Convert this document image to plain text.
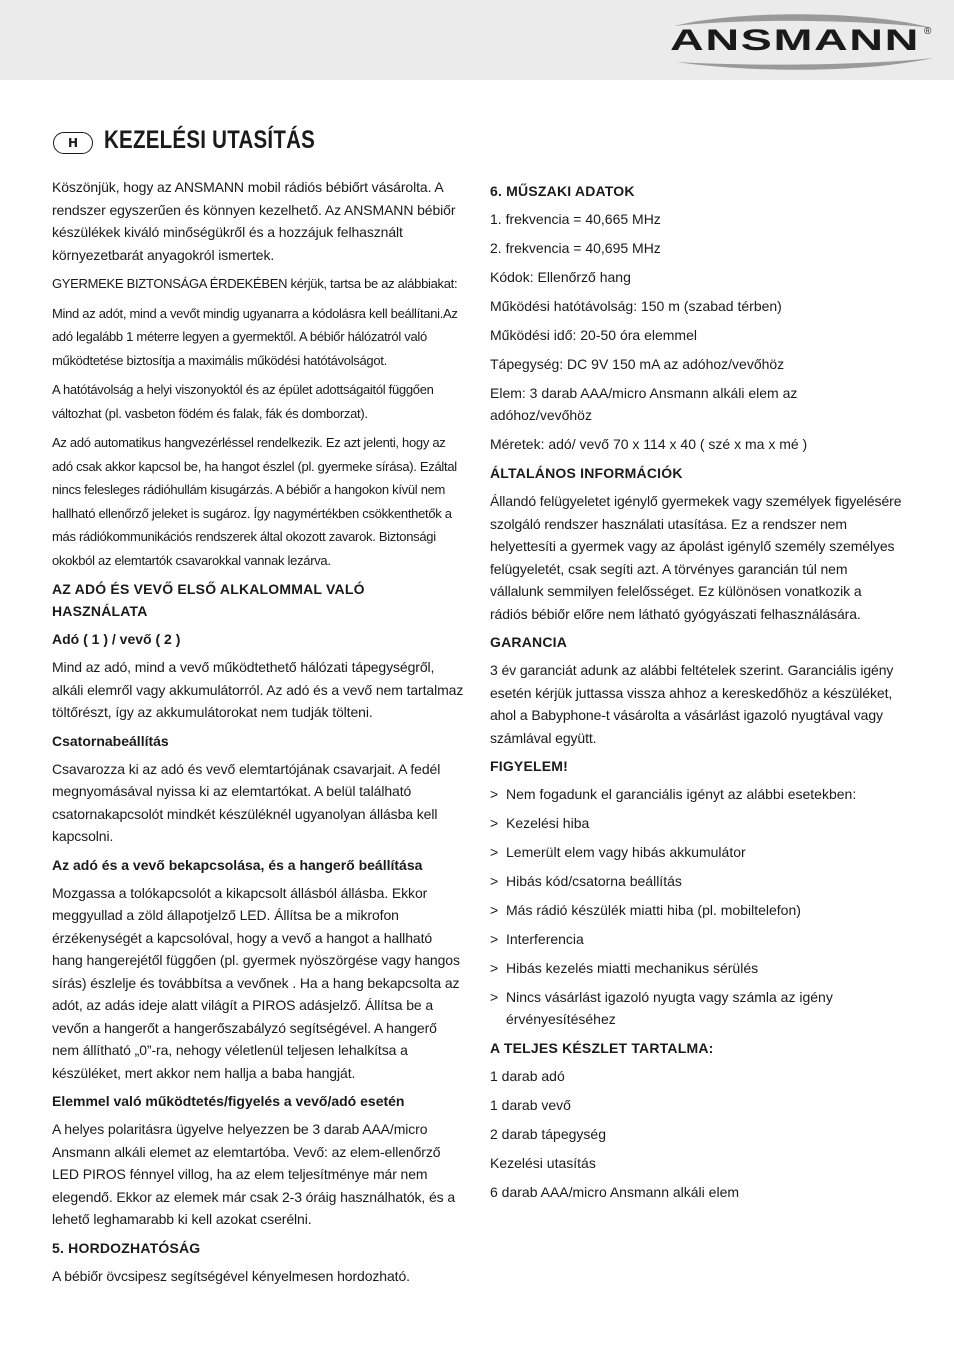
ANSMANN ®
H	KEZELÉSI UTASÍTÁS

Köszönjük, hogy az ANSMANN mobil rádiós bébiőrt vásárolta. A rendszer egyszerűen és könnyen kezelhető. Az ANSMANN bébiőr készülékek kiváló minőségükről és a hozzájuk felhasznált környezetbarát anyagokról ismertek.

GYERMEKE BIZTONSÁGA ÉRDEKÉBEN kérjük, tartsa be az alábbiakat:

Mind az adót, mind a vevőt mindig ugyanarra a kódolásra kell beállítani.Az adó legalább 1 méterre legyen a gyermektől. A bébiőr hálózatról való működtetése biztosítja a maximális működési hatótávolságot.

A hatótávolság a helyi viszonyoktól és az épület adottságaitól függően változhat (pl. vasbeton födém és falak, fák és domborzat).

Az adó automatikus hangvezérléssel rendelkezik. Ez azt jelenti, hogy az adó csak akkor kapcsol be, ha hangot észlel (pl. gyermeke sírása). Ezáltal nincs felesleges rádióhullám kisugárzás. A bébiőr a hangokon kívül nem hallható ellenőrző jeleket is sugároz. Így nagymértékben csökkenthetők a más rádiókommunikációs rendszerek által okozott zavarok. Biztonsági okokból az elemtartók csavarokkal vannak lezárva.

AZ ADÓ ÉS VEVŐ ELSŐ ALKALOMMAL VALÓ HASZNÁLATA
Adó ( 1 ) / vevő ( 2 )

Mind az adó, mind a vevő működtethető hálózati tápegységről, alkáli elemről vagy akkumulátorról. Az adó és a vevő nem tartalmaz töltőrészt, így az akkumulátorokat nem tudják tölteni.

Csatornabeállítás

Csavarozza ki az adó és vevő elemtartójának csavarjait. A fedél megnyomásával nyissa ki az elemtartókat. A belül található csatornakapcsolót mindkét készüléknél ugyanolyan állásba kell kapcsolni.

Az adó és a vevő bekapcsolása, és a hangerő beállítása

Mozgassa a tolókapcsolót a kikapcsolt állásból állásba. Ekkor meggyullad a zöld állapotjelző LED. Állítsa be a mikrofon érzékenységét a kapcsolóval, hogy a vevő a hangot a hallható hang hangerejétől függően (pl. gyermek nyöszörgése vagy hangos sírás) észlelje és továbbítsa a vevőnek . Ha a hang bekapcsolta az adót, az adás ideje alatt világít a PIROS adásjelző. Állítsa be a vevőn a hangerőt a hangerőszabályzó segítségével. A hangerő nem állítható „0”-ra, nehogy véletlenül teljesen lehalkítsa a készüléket, mert akkor nem hallja a baba hangját.

Elemmel való működtetés/figyelés a vevő/adó esetén

A helyes polaritásra ügyelve helyezzen be 3 darab AAA/micro Ansmann alkáli elemet az elemtartóba. Vevő: az elem-ellenőrző LED PIROS fénnyel villog, ha az elem teljesítménye már nem elegendő. Ekkor az elemek már csak 2-3 óráig használhatók, és a lehető leghamarabb ki kell azokat cserélni.

5. HORDOZHATÓSÁG

A bébiőr övcsipesz segítségével kényelmesen hordozható.

6. MŰSZAKI ADATOK
1. frekvencia = 40,665 MHz
2. frekvencia = 40,695 MHz
Kódok: Ellenőrző hang
Működési hatótávolság: 150 m (szabad térben)
Működési idő: 20-50 óra elemmel
Tápegység: DC 9V 150 mA az adóhoz/vevőhöz
Elem: 3 darab AAA/micro Ansmann alkáli elem az adóhoz/vevőhöz
Méretek: adó/ vevő 70 x 114 x 40 ( szé x ma x mé )
ÁLTALÁNOS INFORMÁCIÓK

Állandó felügyeletet igénylő gyermekek vagy személyek figyelésére szolgáló rendszer használati utasítása. Ez a rendszer nem helyettesíti a gyermek vagy az ápolást igénylő személy személyes felügyeletét, csak segíti azt. A törvényes garancián túl nem vállalunk semmilyen felelősséget. Ez különösen vonatkozik a rádiós bébiőr előre nem látható gyógyászati felhasználására.

GARANCIA

3 év garanciát adunk az alábbi feltételek szerint. Garanciális igény esetén kérjük juttassa vissza ahhoz a kereskedőhöz a készüléket, ahol a Babyphone-t vásárolta a vásárlást igazoló nyugtával vagy számlával együtt.

FIGYELEM!
> Nem fogadunk el garanciális igényt az alábbi esetekben:
> Kezelési hiba
> Lemerült elem vagy hibás akkumulátor
> Hibás kód/csatorna beállítás
> Más rádió készülék miatti hiba (pl. mobiltelefon)
> Interferencia
> Hibás kezelés miatti mechanikus sérülés
> Nincs vásárlást igazoló nyugta vagy számla az igény érvényesítéséhez
A TELJES KÉSZLET TARTALMA:
1 darab adó
1 darab vevő
2 darab tápegység
Kezelési utasítás
6 darab AAA/micro Ansmann alkáli elem
